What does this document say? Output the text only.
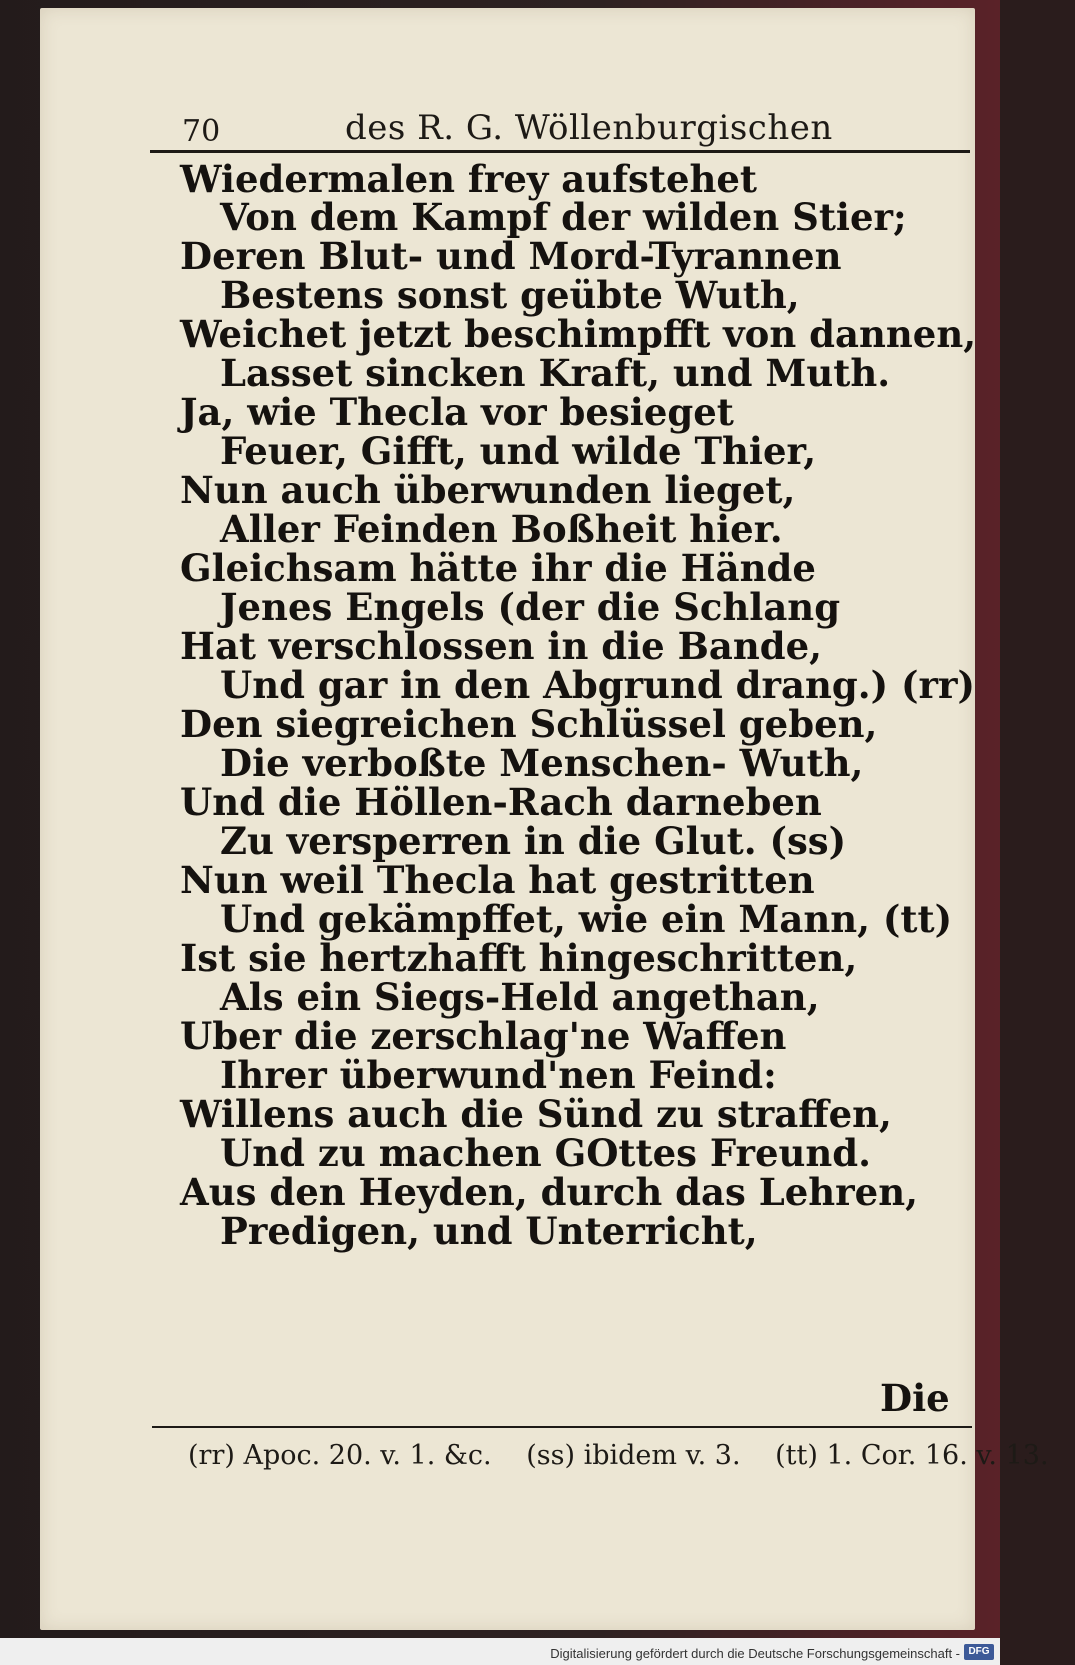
70	des R. G. Wöllenburgischen
Wiedermalen frey aufstehet
Von dem Kampf der wilden Stier;
Deren Blut- und Mord-Tyrannen
Bestens sonst geübte Wuth,
Weichet jetzt beschimpfft von dannen,
Lasset sincken Kraft, und Muth.
Ja, wie Thecla vor besieget
Feuer, Gifft, und wilde Thier,
Nun auch überwunden lieget,
Aller Feinden Boßheit hier.
Gleichsam hätte ihr die Hände
Jenes Engels (der die Schlang
Hat verschlossen in die Bande,
Und gar in den Abgrund drang.) (rr)
Den siegreichen Schlüssel geben,
Die verboßte Menschen- Wuth,
Und die Höllen-Rach darneben
Zu versperren in die Glut. (ss)
Nun weil Thecla hat gestritten
Und gekämpffet, wie ein Mann, (tt)
Ist sie hertzhafft hingeschritten,
Als ein Siegs-Held angethan,
Uber die zerschlag'ne Waffen
Ihrer überwund'nen Feind:
Willens auch die Sünd zu straffen,
Und zu machen GOttes Freund.
Aus den Heyden, durch das Lehren,
Predigen, und Unterricht,
Die
(rr) Apoc. 20. v. 1. &c. (ss) ibidem v. 3. (tt) 1. Cor. 16. v. 13.
Digitalisierung gefördert durch die Deutsche Forschungsgemeinschaft - DFG
